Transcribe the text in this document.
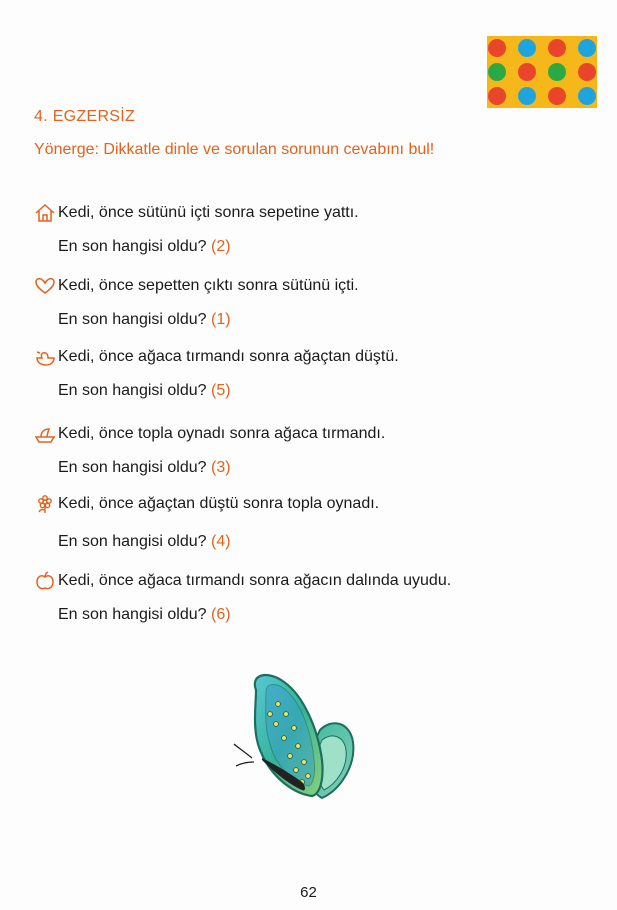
4. EGZERSİZ
Yönerge: Dikkatle dinle ve sorulan sorunun cevabını bul!
Kedi, önce sütünü içti sonra sepetine yattı.
En son hangisi oldu? (2)
Kedi, önce sepetten çıktı sonra sütünü içti.
En son hangisi oldu? (1)
Kedi, önce ağaca tırmandı sonra ağaçtan düştü.
En son hangisi oldu? (5)
Kedi, önce topla oynadı sonra ağaca tırmandı.
En son hangisi oldu? (3)
Kedi, önce ağaçtan düştü sonra topla oynadı.
En son hangisi oldu? (4)
Kedi, önce ağaca tırmandı sonra ağacın dalında uyudu.
En son hangisi oldu? (6)
62
